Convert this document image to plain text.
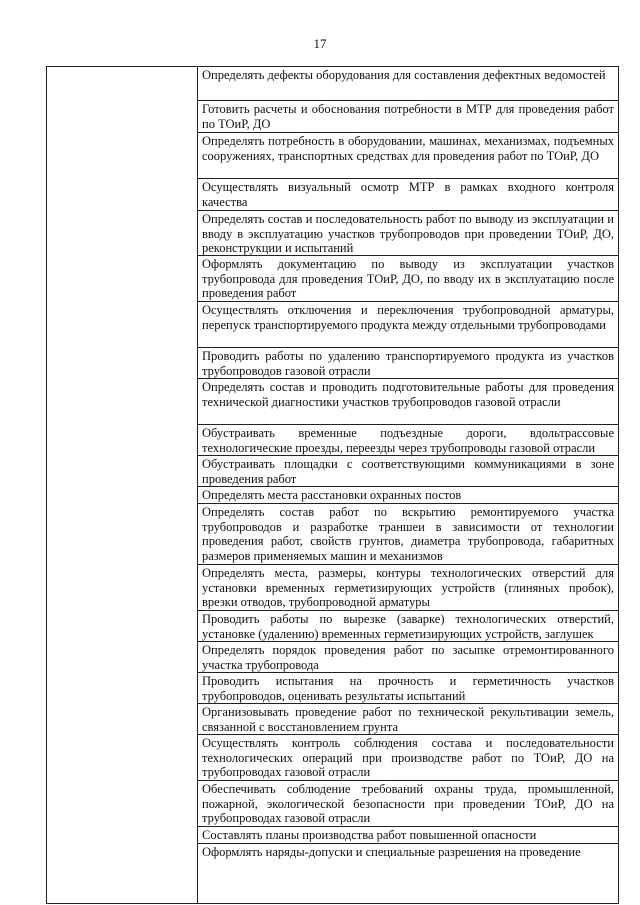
17

Определять дефекты оборудования для составления дефектных ведомостей
Готовить расчеты и обоснования потребности в МТР для проведения работ по ТОиР, ДО
Определять потребность в оборудовании, машинах, механизмах, подъемных сооружениях, транспортных средствах для проведения работ по ТОиР, ДО
Осуществлять визуальный осмотр МТР в рамках входного контроля качества
Определять состав и последовательность работ по выводу из эксплуатации и вводу в эксплуатацию участков трубопроводов при проведении ТОиР, ДО, реконструкции и испытаний
Оформлять документацию по выводу из эксплуатации участков трубопровода для проведения ТОиР, ДО, по вводу их в эксплуатацию после проведения работ
Осуществлять отключения и переключения трубопроводной арматуры, перепуск транспортируемого продукта между отдельными трубопроводами
Проводить работы по удалению транспортируемого продукта из участков трубопроводов газовой отрасли
Определять состав и проводить подготовительные работы для проведения технической диагностики участков трубопроводов газовой отрасли
Обустраивать временные подъездные дороги, вдольтрассовые технологические проезды, переезды через трубопроводы газовой отрасли
Обустраивать площадки с соответствующими коммуникациями в зоне проведения работ
Определять места расстановки охранных постов
Определять состав работ по вскрытию ремонтируемого участка трубопроводов и разработке траншеи в зависимости от технологии проведения работ, свойств грунтов, диаметра трубопровода, габаритных размеров применяемых машин и механизмов
Определять места, размеры, контуры технологических отверстий для установки временных герметизирующих устройств (глиняных пробок), врезки отводов, трубопроводной арматуры
Проводить работы по вырезке (заварке) технологических отверстий, установке (удалению) временных герметизирующих устройств, заглушек
Определять порядок проведения работ по засыпке отремонтированного участка трубопровода
Проводить испытания на прочность и герметичность участков трубопроводов, оценивать результаты испытаний
Организовывать проведение работ по технической рекультивации земель, связанной с восстановлением грунта
Осуществлять контроль соблюдения состава и последовательности технологических операций при производстве работ по ТОиР, ДО на трубопроводах газовой отрасли
Обеспечивать соблюдение требований охраны труда, промышленной, пожарной, экологической безопасности при проведении ТОиР, ДО на трубопроводах газовой отрасли
Составлять планы производства работ повышенной опасности
Оформлять наряды-допуски и специальные разрешения на проведение
